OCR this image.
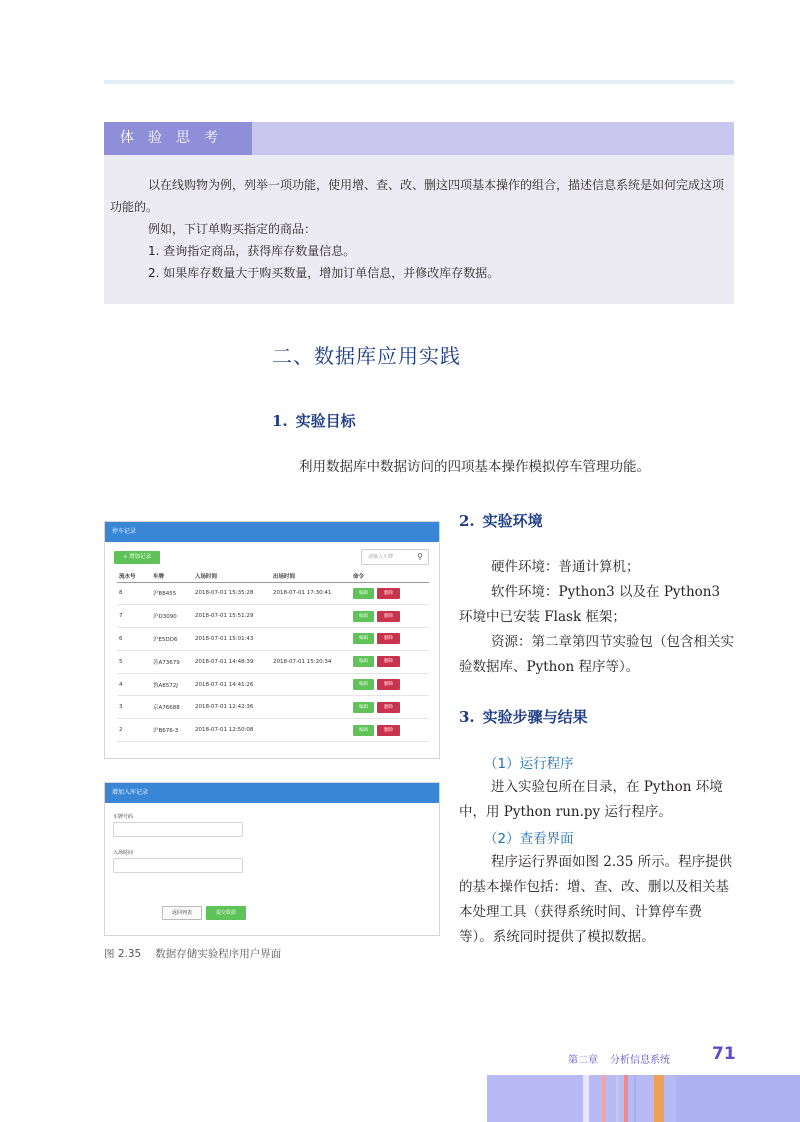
体验思考

以在线购物为例，列举一项功能，使用增、查、改、删这四项基本操作的组合，描述信息系统是如何完成这项功能的。

例如，下订单购买指定的商品：

1. 查询指定商品，获得库存数量信息。

2. 如果库存数量大于购买数量，增加订单信息，并修改库存数据。

二、数据库应用实践
1. 实验目标
利用数据库中数据访问的四项基本操作模拟停车管理功能。
2. 实验环境
硬件环境：普通计算机；
软件环境：Python3 以及在 Python3 环境中已安装 Flask 框架；
资源：第二章第四节实验包（包含相关实验数据库、Python 程序等）。
3. 实验步骤与结果
（1）运行程序
进入实验包所在目录，在 Python 环境中，用 Python run.py 运行程序。
（2）查看界面
程序运行界面如图 2.35 所示。程序提供的基本操作包括：增、查、改、删以及相关基本处理工具（获得系统时间、计算停车费等）。系统同时提供了模拟数据。
停车记录
+ 增加记录	请输入车牌	⚲
流水号	车牌	入场时间	出场时间	命令
8	沪B8455	2018-07-01 15:35:28	2018-07-01 17:30:41	编辑 删除
7	沪D3090	2018-07-01 15:51:29		编辑 删除
6	沪E5DD6	2018-07-01 15:01:43		编辑 删除
5	苏A73679	2018-07-01 14:48:39	2018-07-01 15:20:34	编辑 删除
4	鲁A8572J	2018-07-01 14:41:26		编辑 删除
3	京A76688	2018-07-01 12:42:36		编辑 删除
2	沪B676-3	2018-07-01 12:50:08		编辑 删除
增加入库记录
车牌号码
入场时间
返回列表	提交数据
图 2.35 数据存储实验程序用户界面
第二章 分析信息系统 71
